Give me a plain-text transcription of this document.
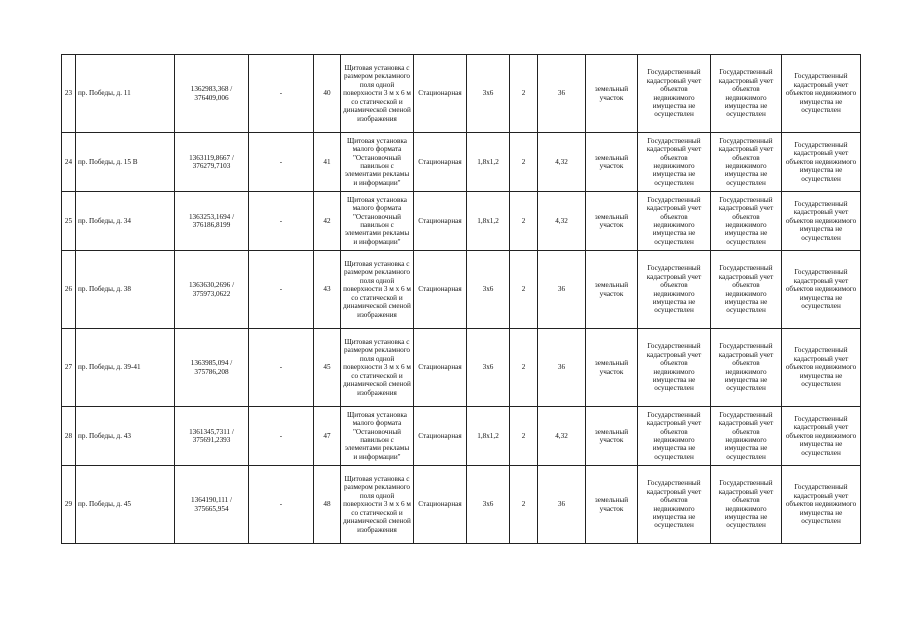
23	пр. Победы, д. 11	1362983,368 / 376409,006	-	40	Щитовая установка с размером рекламного поля одной поверхности 3 м х 6 м со статической и динамической сменой изображения	Стационарная	3х6	2	36	земельный участок	Государственный кадастровый учет объектов недвижимого имущества не осуществлен	Государственный кадастровый учет объектов недвижимого имущества не осуществлен	Государственный кадастровый учет объектов недвижимого имущества не осуществлен
24	пр. Победы, д. 15 В	1363119,8667 / 376279,7103	-	41	Щитовая установка малого формата "Остановочный павильон с элементами рекламы и информации"	Стационарная	1,8х1,2	2	4,32	земельный участок	Государственный кадастровый учет объектов недвижимого имущества не осуществлен	Государственный кадастровый учет объектов недвижимого имущества не осуществлен	Государственный кадастровый учет объектов недвижимого имущества не осуществлен
25	пр. Победы, д. 34	1363253,1694 / 376186,8199	-	42	Щитовая установка малого формата "Остановочный павильон с элементами рекламы и информации"	Стационарная	1,8х1,2	2	4,32	земельный участок	Государственный кадастровый учет объектов недвижимого имущества не осуществлен	Государственный кадастровый учет объектов недвижимого имущества не осуществлен	Государственный кадастровый учет объектов недвижимого имущества не осуществлен
26	пр. Победы, д. 38	1363630,2696 / 375973,0622	-	43	Щитовая установка с размером рекламного поля одной поверхности 3 м х 6 м со статической и динамической сменой изображения	Стационарная	3х6	2	36	земельный участок	Государственный кадастровый учет объектов недвижимого имущества не осуществлен	Государственный кадастровый учет объектов недвижимого имущества не осуществлен	Государственный кадастровый учет объектов недвижимого имущества не осуществлен
27	пр. Победы, д. 39-41	1363985,094 / 375786,208	-	45	Щитовая установка с размером рекламного поля одной поверхности 3 м х 6 м со статической и динамической сменой изображения	Стационарная	3х6	2	36	земельный участок	Государственный кадастровый учет объектов недвижимого имущества не осуществлен	Государственный кадастровый учет объектов недвижимого имущества не осуществлен	Государственный кадастровый учет объектов недвижимого имущества не осуществлен
28	пр. Победы, д. 43	1361345,7311 / 375691,2393	-	47	Щитовая установка малого формата "Остановочный павильон с элементами рекламы и информации"	Стационарная	1,8х1,2	2	4,32	земельный участок	Государственный кадастровый учет объектов недвижимого имущества не осуществлен	Государственный кадастровый учет объектов недвижимого имущества не осуществлен	Государственный кадастровый учет объектов недвижимого имущества не осуществлен
29	пр. Победы, д. 45	1364190,111 / 375665,954	-	48	Щитовая установка с размером рекламного поля одной поверхности 3 м х 6 м со статической и динамической сменой изображения	Стационарная	3х6	2	36	земельный участок	Государственный кадастровый учет объектов недвижимого имущества не осуществлен	Государственный кадастровый учет объектов недвижимого имущества не осуществлен	Государственный кадастровый учет объектов недвижимого имущества не осуществлен
